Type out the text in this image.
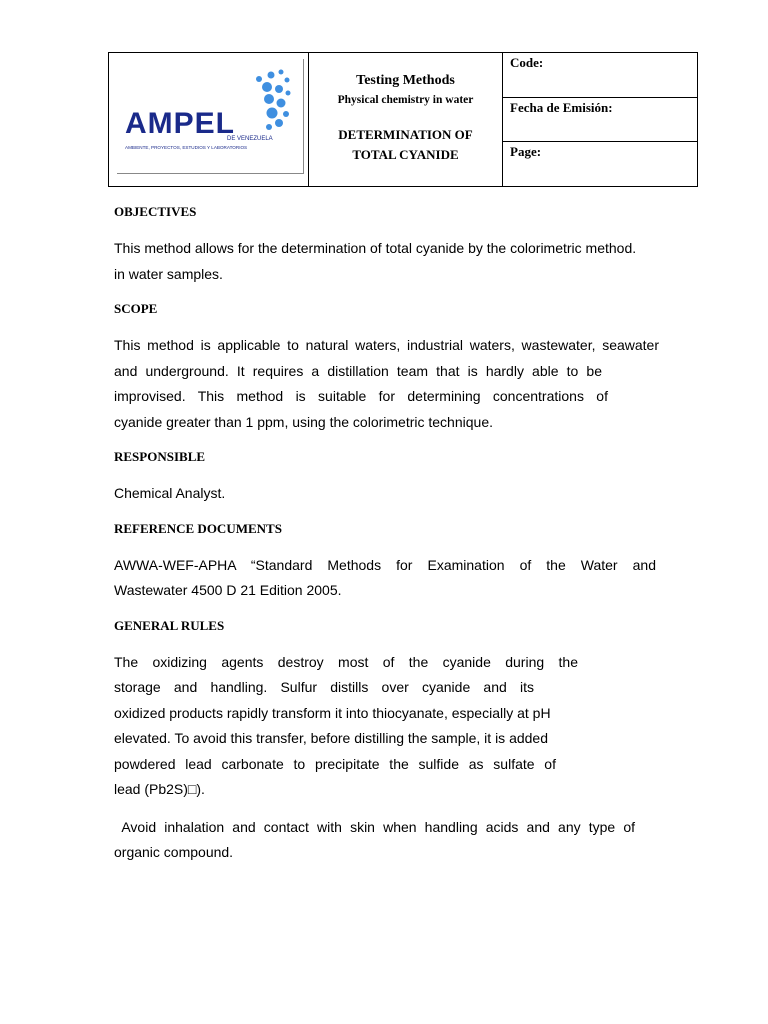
AMPEL
DE VENEZUELA
AMBIENTE, PROYECTOS, ESTUDIOS Y LABORATORIOS
Testing Methods
Physical chemistry in water
DETERMINATION OF
TOTAL CYANIDE
Code:
Fecha de Emisión:
Page:

OBJECTIVES

This method allows for the determination of total cyanide by the colorimetric method.
in water samples.

SCOPE

This method is applicable to natural waters, industrial waters, wastewater, seawater
and underground. It requires a distillation team that is hardly able to be
improvised. This method is suitable for determining concentrations of
cyanide greater than 1 ppm, using the colorimetric technique.

RESPONSIBLE

Chemical Analyst.

REFERENCE DOCUMENTS

AWWA-WEF-APHA “Standard Methods for Examination of the Water and
Wastewater 4500 D 21 Edition 2005.

GENERAL RULES

The oxidizing agents destroy most of the cyanide during the
storage and handling. Sulfur distills over cyanide and its
oxidized products rapidly transform it into thiocyanate, especially at pH
elevated. To avoid this transfer, before distilling the sample, it is added
powdered lead carbonate to precipitate the sulfide as sulfate of
lead (Pb2S)□).
Avoid inhalation and contact with skin when handling acids and any type of
organic compound.
